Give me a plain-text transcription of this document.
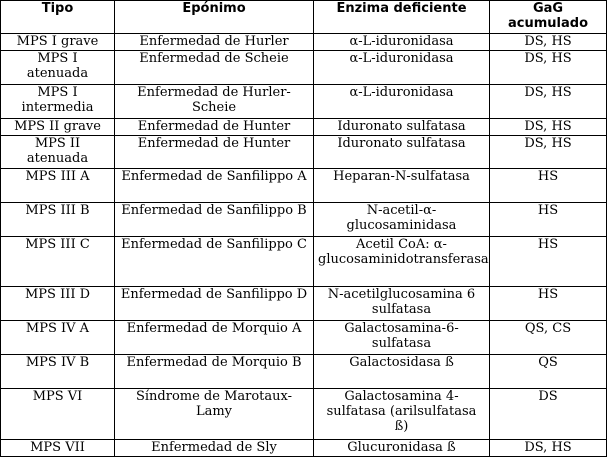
Tipo	Epónimo	Enzima deficiente	GaG acumulado
MPS I grave	Enfermedad de Hurler	α-L-iduronidasa	DS, HS
MPS I atenuada	Enfermedad de Scheie	α-L-iduronidasa	DS, HS
MPS I intermedia	Enfermedad de Hurler-Scheie	α-L-iduronidasa	DS, HS
MPS II grave	Enfermedad de Hunter	Iduronato sulfatasa	DS, HS
MPS II atenuada	Enfermedad de Hunter	Iduronato sulfatasa	DS, HS
MPS III A	Enfermedad de Sanfilippo A	Heparan-N-sulfatasa	HS
MPS III B	Enfermedad de Sanfilippo B	N-acetil-α-glucosaminidasa	HS
MPS III C	Enfermedad de Sanfilippo C	Acetil CoA: α-glucosaminidotransferasa	HS
MPS III D	Enfermedad de Sanfilippo D	N-acetilglucosamina 6 sulfatasa	HS
MPS IV A	Enfermedad de Morquio A	Galactosamina-6-sulfatasa	QS, CS
MPS IV B	Enfermedad de Morquio B	Galactosidasa ß	QS
MPS VI	Síndrome de Marotaux-Lamy	Galactosamina 4-sulfatasa (arilsulfatasa ß)	DS
MPS VII	Enfermedad de Sly	Glucuronidasa ß	DS, HS
